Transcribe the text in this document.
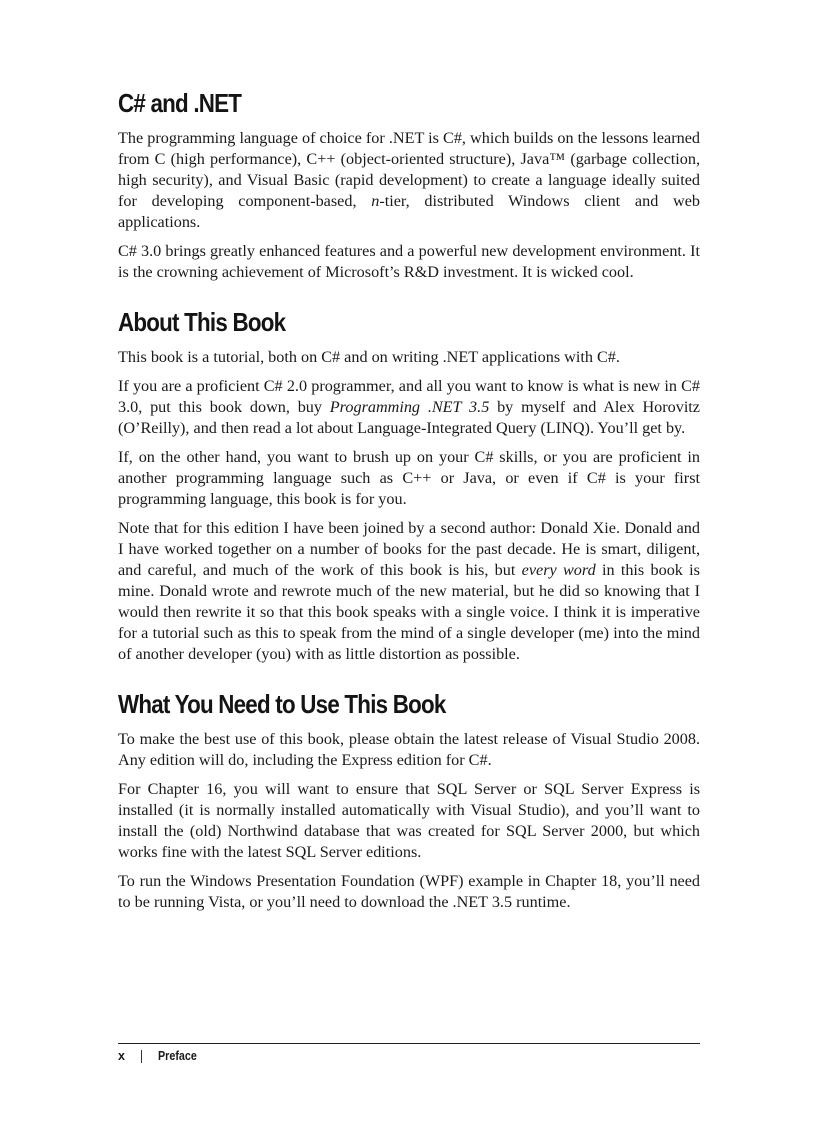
C# and .NET

The programming language of choice for .NET is C#, which builds on the lessons learned from C (high performance), C++ (object-oriented structure), Java™ (garbage collection, high security), and Visual Basic (rapid development) to create a language ideally suited for developing component-based, n-tier, distributed Windows client and web applications.

C# 3.0 brings greatly enhanced features and a powerful new development environment. It is the crowning achievement of Microsoft’s R&D investment. It is wicked cool.

About This Book

This book is a tutorial, both on C# and on writing .NET applications with C#.

If you are a proficient C# 2.0 programmer, and all you want to know is what is new in C# 3.0, put this book down, buy Programming .NET 3.5 by myself and Alex Horovitz (O’Reilly), and then read a lot about Language-Integrated Query (LINQ). You’ll get by.

If, on the other hand, you want to brush up on your C# skills, or you are proficient in another programming language such as C++ or Java, or even if C# is your first programming language, this book is for you.

Note that for this edition I have been joined by a second author: Donald Xie. Donald and I have worked together on a number of books for the past decade. He is smart, diligent, and careful, and much of the work of this book is his, but every word in this book is mine. Donald wrote and rewrote much of the new material, but he did so knowing that I would then rewrite it so that this book speaks with a single voice. I think it is imperative for a tutorial such as this to speak from the mind of a single developer (me) into the mind of another developer (you) with as little distortion as possible.

What You Need to Use This Book

To make the best use of this book, please obtain the latest release of Visual Studio 2008. Any edition will do, including the Express edition for C#.

For Chapter 16, you will want to ensure that SQL Server or SQL Server Express is installed (it is normally installed automatically with Visual Studio), and you’ll want to install the (old) Northwind database that was created for SQL Server 2000, but which works fine with the latest SQL Server editions.

To run the Windows Presentation Foundation (WPF) example in Chapter 18, you’ll need to be running Vista, or you’ll need to download the .NET 3.5 runtime.

x	Preface
